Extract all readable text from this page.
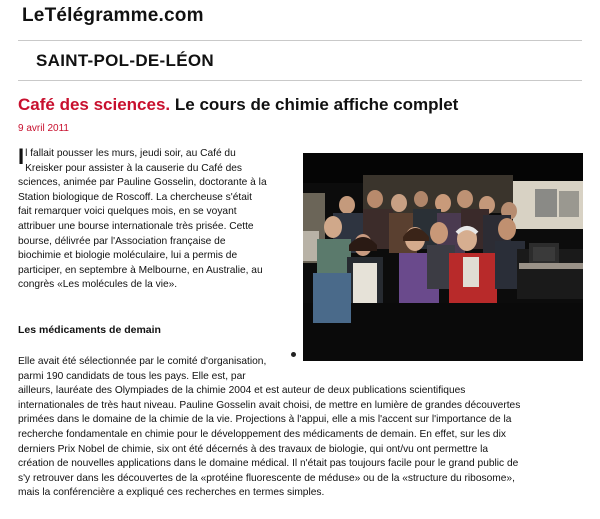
LeTélégramme.com
SAINT-POL-DE-LÉON
Café des sciences. Le cours de chimie affiche complet
9 avril 2011
I l fallait pousser les murs, jeudi soir, au Café du

Kreisker pour assister à la causerie du Café des

sciences, animée par Pauline Gosselin, doctorante à la

Station biologique de Roscoff. La chercheuse s'était

fait remarquer voici quelques mois, en se voyant

attribuer une bourse internationale très prisée. Cette

bourse, délivrée par l'Association française de

biochimie et biologie moléculaire, lui a permis de

participer, en septembre à Melbourne, en Australie, au

congrès «Les molécules de la vie».

Les médicaments de demain

Elle avait été sélectionnée par le comité d'organisation,

parmi 190 candidats de tous les pays. Elle est, par

ailleurs, lauréate des Olympiades de la chimie 2004 et est auteur de deux publications scientifiques

internationales de très haut niveau. Pauline Gosselin avait choisi, de mettre en lumière de grandes découvertes

primées dans le domaine de la chimie de la vie. Projections à l'appui, elle a mis l'accent sur l'importance de la

recherche fondamentale en chimie pour le développement des médicaments de demain. En effet, sur les dix

derniers Prix Nobel de chimie, six ont été décernés à des travaux de biologie, qui ont/vu ont permettre la

création de nouvelles applications dans le domaine médical. Il n'était pas toujours facile pour le grand public de

s'y retrouver dans les découvertes de la «protéine fluorescente de méduse» ou de la «structure du ribosome»,

mais la conférencière a expliqué ces recherches en termes simples.
